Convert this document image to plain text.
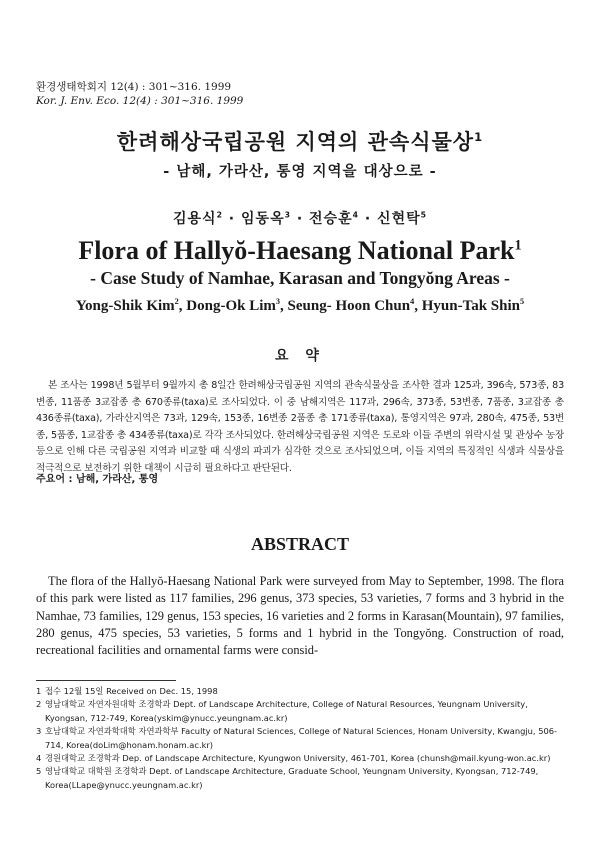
환경생태학회지 12(4) : 301~316. 1999
Kor. J. Env. Eco. 12(4) : 301~316. 1999
한려해상국립공원 지역의 관속식물상$^1$
- 남해, 가라산, 통영 지역을 대상으로 -
김용식$^2$ · 임동옥$^3$ · 전승훈$^4$ · 신현탁$^5$
Flora of Hallyŏ-Haesang National Park$^1$
- Case Study of Namhae, Karasan and Tongyŏng Areas -
Yong-Shik Kim$^2$, Dong-Ok Lim$^3$, Seung- Hoon Chun$^4$, Hyun-Tak Shin$^5$
요 약

본 조사는 1998년 5월부터 9월까지 총 8일간 한려해상국립공원 지역의 관속식물상을 조사한 결과 125과, 396속, 573종, 83변종, 11품종 3교잡종 총 670종류(taxa)로 조사되었다. 이 중 남해지역은 117과, 296속, 373종, 53변종, 7품종, 3교잡종 총 436종류(taxa), 가라산지역은 73과, 129속, 153종, 16변종 2품종 총 171종류(taxa), 통영지역은 97과, 280속, 475종, 53변종, 5품종, 1교잡종 총 434종류(taxa)로 각각 조사되었다. 한려해상국립공원 지역은 도로와 이들 주변의 위락시설 및 관상수 농장 등으로 인해 다른 국립공원 지역과 비교할 때 식생의 파괴가 심각한 것으로 조사되었으며, 이들 지역의 특징적인 식생과 식물상을 적극적으로 보전하기 위한 대책이 시급히 필요하다고 판단된다.

주요어 : 남해, 가라산, 통영
ABSTRACT

The flora of the Hallyŏ-Haesang National Park were surveyed from May to September, 1998. The flora of this park were listed as 117 families, 296 genus, 373 species, 53 varieties, 7 forms and 3 hybrid in the Namhae, 73 families, 129 genus, 153 species, 16 varieties and 2 forms in Karasan(Mountain), 97 families, 280 genus, 475 species, 53 varieties, 5 forms and 1 hybrid in the Tongyŏng. Construction of road, recreational facilities and ornamental farms were consid-

1 접수 12월 15일 Received on Dec. 15, 1998
2 영남대학교 자연자원대학 조경학과 Dept. of Landscape Architecture, College of Natural Resources, Yeungnam University, Kyongsan, 712-749, Korea(yskim@ynucc.yeungnam.ac.kr)
3 호남대학교 자연과학대학 자연과학부 Faculty of Natural Sciences, College of Natural Sciences, Honam University, Kwangju, 506-714, Korea(doLim@honam.honam.ac.kr)
4 경원대학교 조경학과 Dep. of Landscape Architecture, Kyungwon University, 461-701, Korea (chunsh@mail.kyung-won.ac.kr)
5 영남대학교 대학원 조경학과 Dept. of Landscape Architecture, Graduate School, Yeungnam University, Kyongsan, 712-749, Korea(LLape@ynucc.yeungnam.ac.kr)
